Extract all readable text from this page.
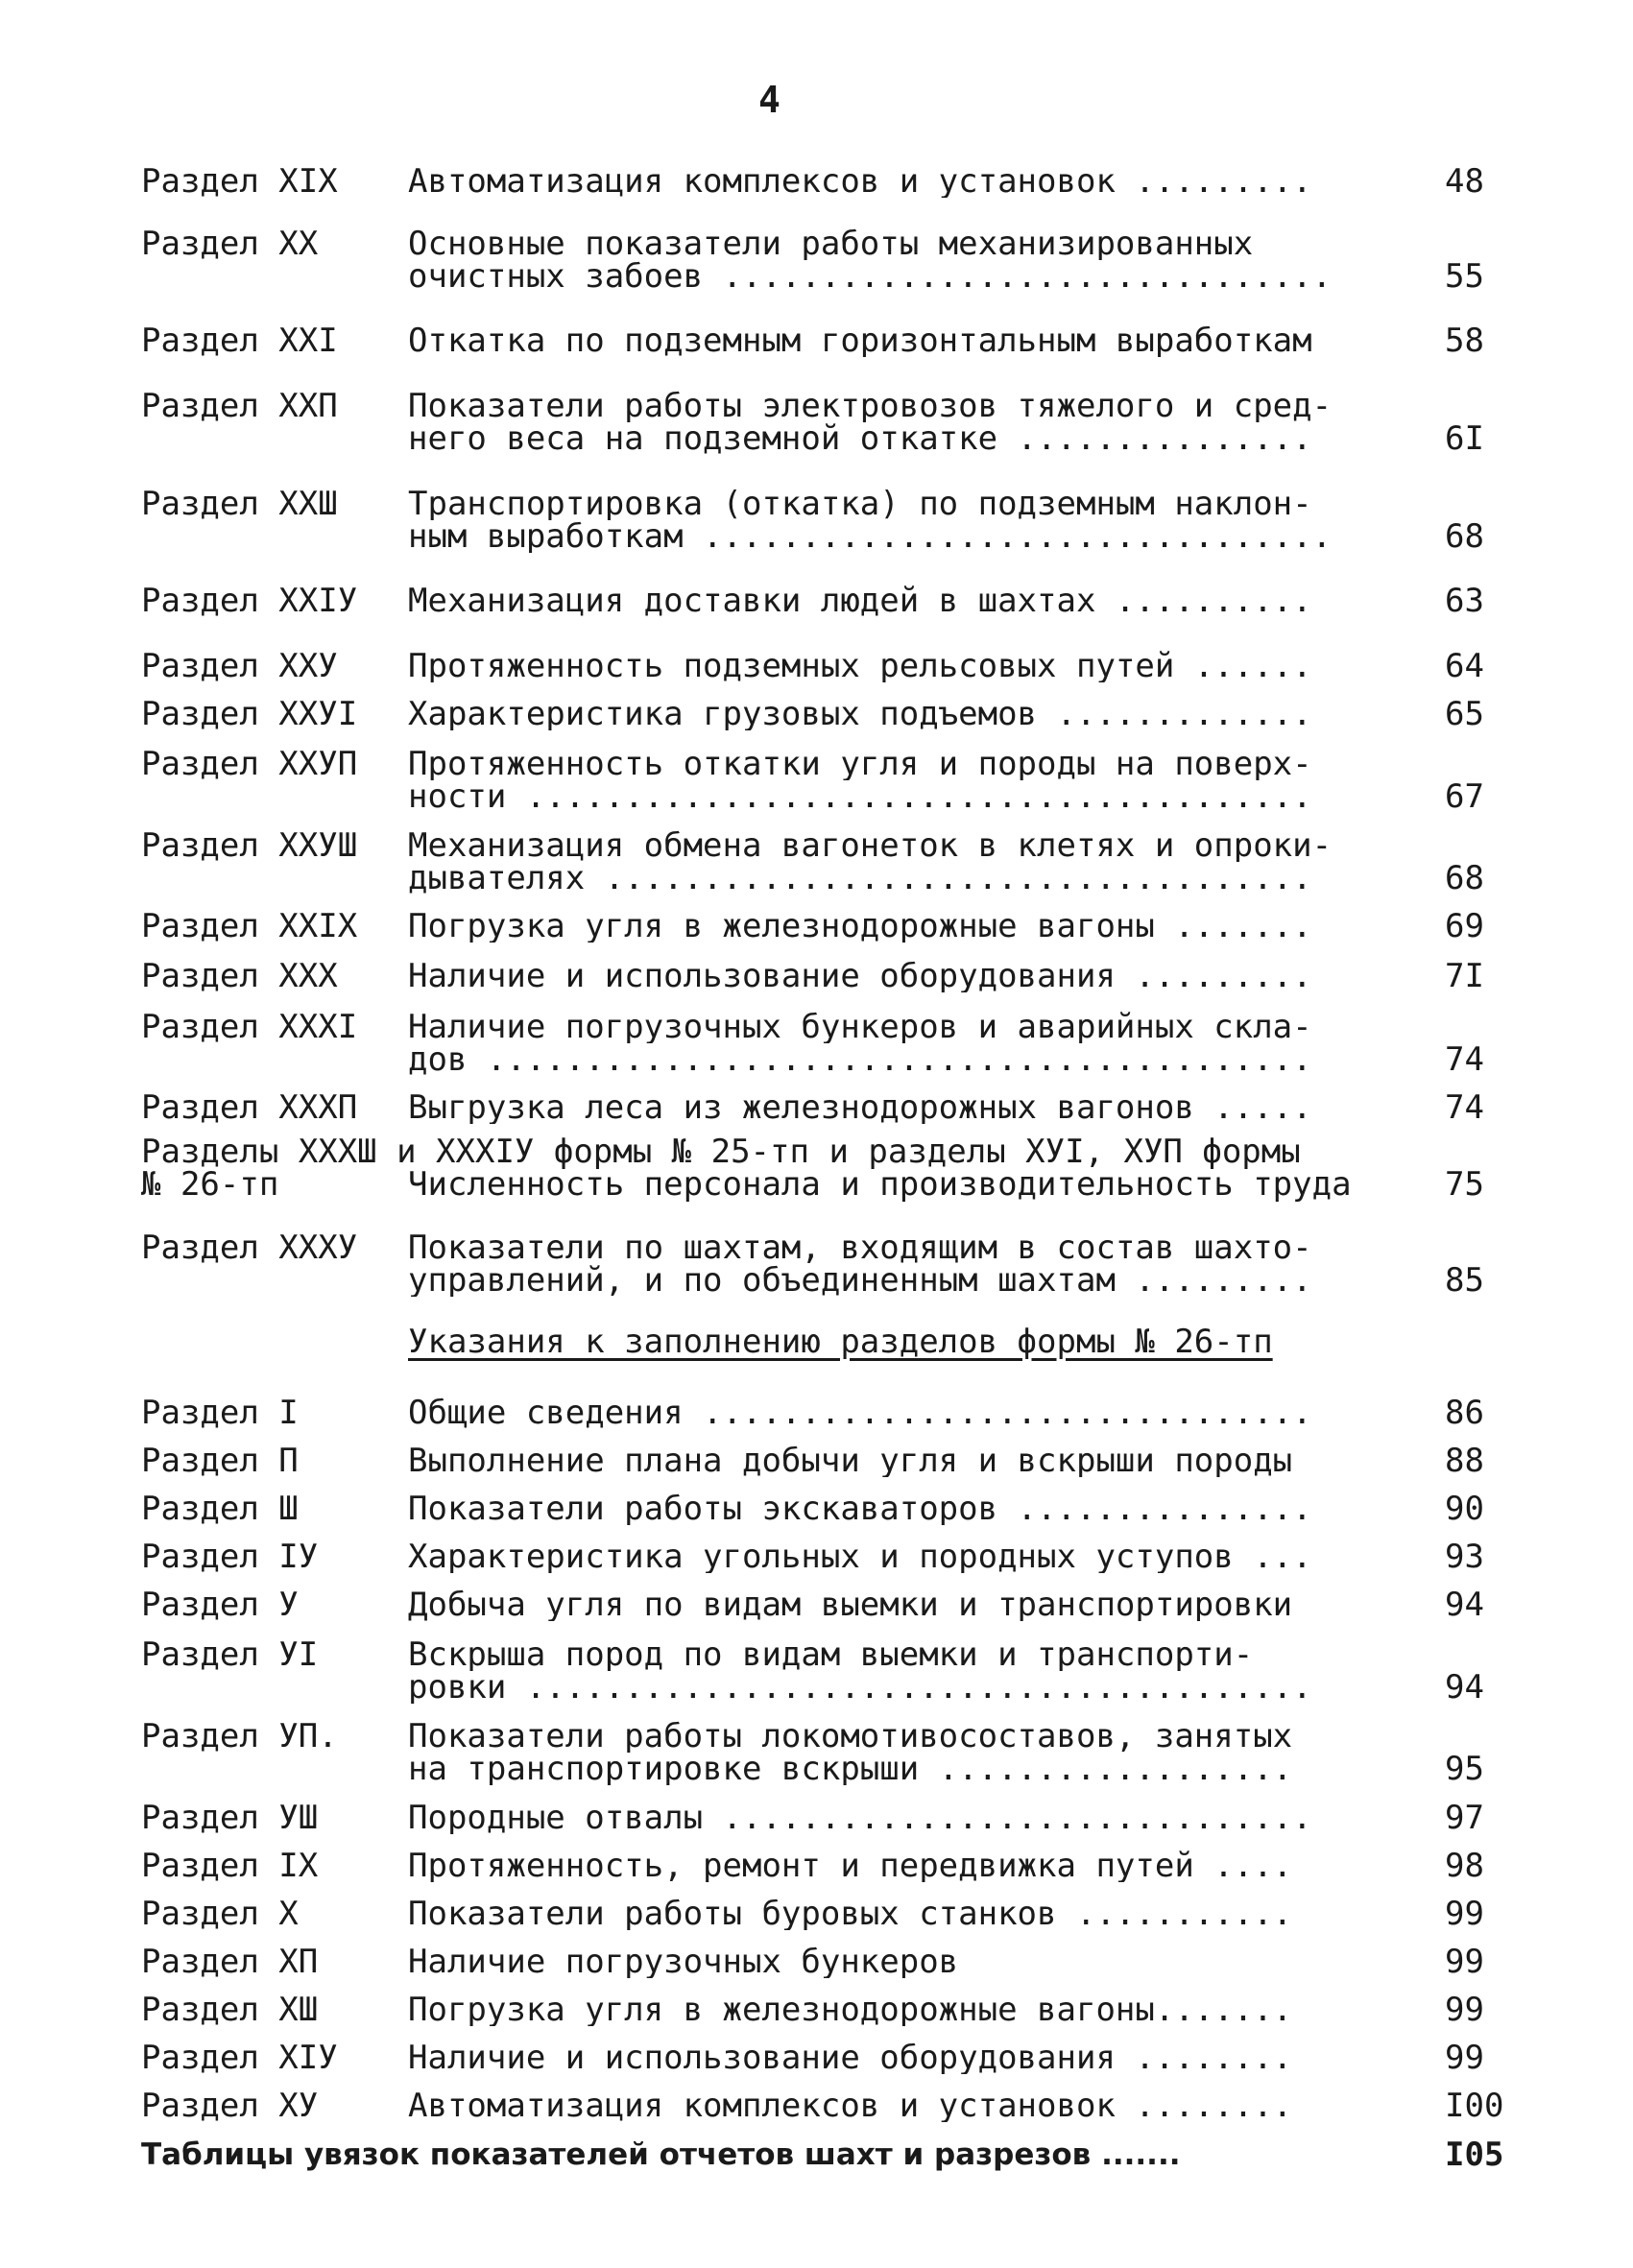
4
Раздел XIX Автоматизация комплексов и установок .........	48
Раздел XX	Основные показатели работы механизированных
очистных забоев ...............................	55
Раздел XXI Откатка по подземным горизонтальным выработкам	58
Раздел XXП Показатели работы электровозов тяжелого и сред-
него веса на подземной откатке ...............	6I
Раздел XXШ Транспортировка (откатка) по подземным наклон-
ным выработкам ................................	68
Раздел XXIУ Механизация доставки людей в шахтах ..........	63
Раздел XXУ Протяженность подземных рельсовых путей ......	64
Раздел XXУI Характеристика грузовых подъемов .............	65
Раздел XXУП Протяженность откатки угля и породы на поверх-
ности ........................................	67
Раздел XXУШ Механизация обмена вагонеток в клетях и опроки-
дывателях ....................................	68
Раздел XXIX Погрузка угля в железнодорожные вагоны .......	69
Раздел XXX Наличие и использование оборудования .........	7I
Раздел XXXI Наличие погрузочных бункеров и аварийных скла-
дов ..........................................	74
Раздел XXXП Выгрузка леса из железнодорожных вагонов .....	74
Разделы XXXШ и XXXIУ формы № 25-тп и разделы XУI, XУП формы
№ 26-тп	Численность персонала и производительность труда	75
Раздел XXXУ Показатели по шахтам, входящим в состав шахто-
управлений, и по объединенным шахтам .........	85
Указания к заполнению разделов формы № 26-тп
Раздел I	Общие сведения ...............................	86
Раздел П	Выполнение плана добычи угля и вскрыши породы	88
Раздел Ш	Показатели работы экскаваторов ...............	90
Раздел IУ	Характеристика угольных и породных уступов ...	93
Раздел У	Добыча угля по видам выемки и транспортировки	94
Раздел УI	Вскрыша пород по видам выемки и транспорти-
ровки ........................................	94
Раздел УП. Показатели работы локомотивосоставов, занятых
на транспортировке вскрыши ..................	95
Раздел УШ	Породные отвалы ..............................	97
Раздел IX	Протяженность, ремонт и передвижка путей ....	98
Раздел X	Показатели работы буровых станков ...........	99
Раздел XП	Наличие погрузочных бункеров	99
Раздел XШ	Погрузка угля в железнодорожные вагоны.......	99
Раздел XIУ Наличие и использование оборудования ........	99
Раздел XУ	Автоматизация комплексов и установок ........	I00
Таблицы увязок показателей отчетов шахт и разрезов .......	I05
